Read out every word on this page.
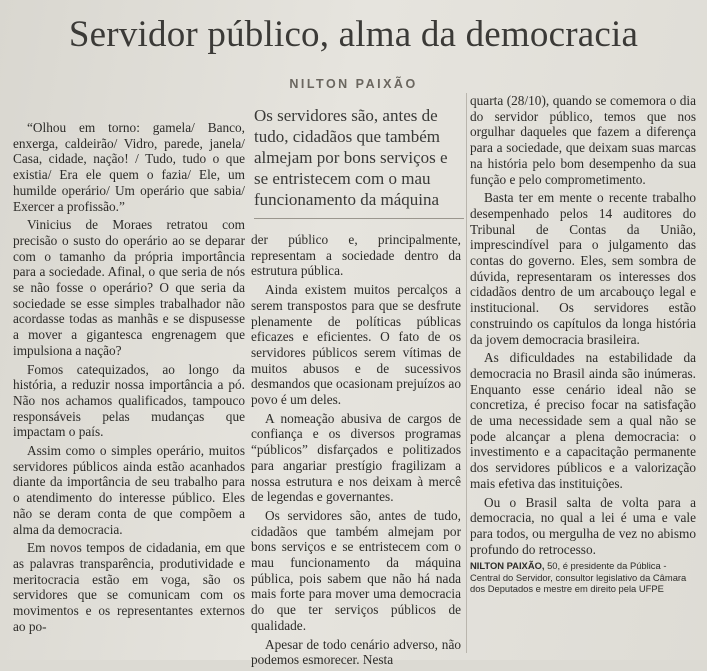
Servidor público, alma da democracia
NILTON PAIXÃO

“Olhou em torno: gamela/ Banco, enxerga, caldeirão/ Vidro, parede, janela/ Casa, cidade, nação! / Tudo, tudo o que existia/ Era ele quem o fazia/ Ele, um humilde operário/ Um operário que sabia/ Exercer a profissão.”

Vinicius de Moraes retratou com precisão o susto do operário ao se deparar com o tamanho da própria importância para a sociedade. Afinal, o que seria de nós se não fosse o operário? O que seria da sociedade se esse simples trabalhador não acordasse todas as manhãs e se dispusesse a mover a gigantesca engrenagem que impulsiona a nação?

Fomos catequizados, ao longo da história, a reduzir nossa importância a pó. Não nos achamos qualificados, tampouco responsáveis pelas mudanças que impactam o país.

Assim como o simples operário, muitos servidores públicos ainda estão acanhados diante da importância de seu trabalho para o atendimento do interesse público. Eles não se deram conta de que compõem a alma da democracia.

Em novos tempos de cidadania, em que as palavras transparência, produtividade e meritocracia estão em voga, são os servidores que se comunicam com os movimentos e os representantes externos ao po-

Os servidores são, antes de tudo, cidadãos que também almejam por bons serviços e se entristecem com o mau funcionamento da máquina

der público e, principalmente, representam a sociedade dentro da estrutura pública.

Ainda existem muitos percalços a serem transpostos para que se desfrute plenamente de políticas públicas eficazes e eficientes. O fato de os servidores públicos serem vítimas de muitos abusos e de sucessivos desmandos que ocasionam prejuízos ao povo é um deles.

A nomeação abusiva de cargos de confiança e os diversos programas “públicos” disfarçados e politizados para angariar prestígio fragilizam a nossa estrutura e nos deixam à mercê de legendas e governantes.

Os servidores são, antes de tudo, cidadãos que também almejam por bons serviços e se entristecem com o mau funcionamento da máquina pública, pois sabem que não há nada mais forte para mover uma democracia do que ter serviços públicos de qualidade.

Apesar de todo cenário adverso, não podemos esmorecer. Nesta

quarta (28/10), quando se comemora o dia do servidor público, temos que nos orgulhar daqueles que fazem a diferença para a sociedade, que deixam suas marcas na história pelo bom desempenho da sua função e pelo comprometimento.

Basta ter em mente o recente trabalho desempenhado pelos 14 auditores do Tribunal de Contas da União, imprescindível para o julgamento das contas do governo. Eles, sem sombra de dúvida, representaram os interesses dos cidadãos dentro de um arcabouço legal e institucional. Os servidores estão construindo os capítulos da longa história da jovem democracia brasileira.

As dificuldades na estabilidade da democracia no Brasil ainda são inúmeras. Enquanto esse cenário ideal não se concretiza, é preciso focar na satisfação de uma necessidade sem a qual não se pode alcançar a plena democracia: o investimento e a capacitação permanente dos servidores públicos e a valorização mais efetiva das instituições.

Ou o Brasil salta de volta para a democracia, no qual a lei é uma e vale para todos, ou mergulha de vez no abismo profundo do retrocesso.

NILTON PAIXÃO, 50, é presidente da Pública - Central do Servidor, consultor legislativo da Câmara dos Deputados e mestre em direito pela UFPE
